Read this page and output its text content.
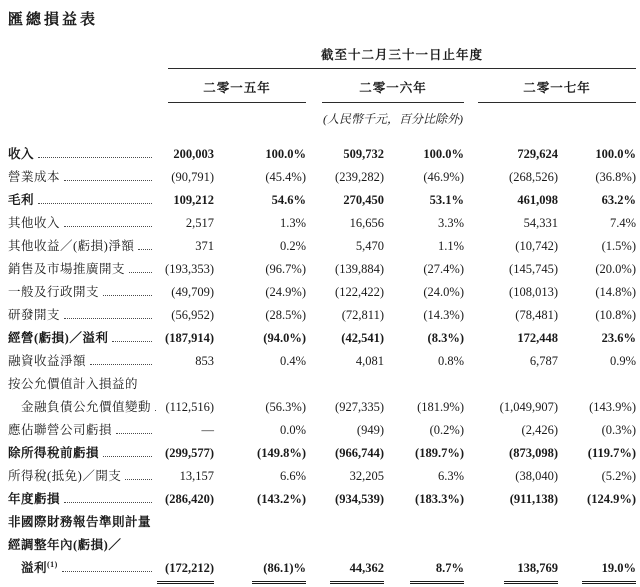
匯總損益表
截至十二月三十一日止年度
二零一五年	二零一六年	二零一七年
(人民幣千元，百分比除外)
收入	200,003	100.0%	509,732	100.0%	729,624	100.0%
營業成本	(90,791)	(45.4%)	(239,282)	(46.9%)	(268,526)	(36.8%)
毛利	109,212	54.6%	270,450	53.1%	461,098	63.2%
其他收入	2,517	1.3%	16,656	3.3%	54,331	7.4%
其他收益／(虧損)淨額	371	0.2%	5,470	1.1%	(10,742)	(1.5%)
銷售及市場推廣開支	(193,353)	(96.7%)	(139,884)	(27.4%)	(145,745)	(20.0%)
一般及行政開支	(49,709)	(24.9%)	(122,422)	(24.0%)	(108,013)	(14.8%)
研發開支	(56,952)	(28.5%)	(72,811)	(14.3%)	(78,481)	(10.8%)
經營(虧損)／溢利	(187,914)	(94.0%)	(42,541)	(8.3%)	172,448	23.6%
融資收益淨額	853	0.4%	4,081	0.8%	6,787	0.9%
按公允價值計入損益的
金融負債公允價值變動	(112,516)	(56.3%)	(927,335)	(181.9%)	(1,049,907)	(143.9%)
應佔聯營公司虧損	—	0.0%	(949)	(0.2%)	(2,426)	(0.3%)
除所得稅前虧損	(299,577)	(149.8%)	(966,744)	(189.7%)	(873,098)	(119.7%)
所得稅(抵免)／開支	13,157	6.6%	32,205	6.3%	(38,040)	(5.2%)
年度虧損	(286,420)	(143.2%)	(934,539)	(183.3%)	(911,138)	(124.9%)
非國際財務報告準則計量
經調整年內(虧損)／
溢利$^{(1)}$	(172,212)	(86.1)%	44,362	8.7%	138,769	19.0%
